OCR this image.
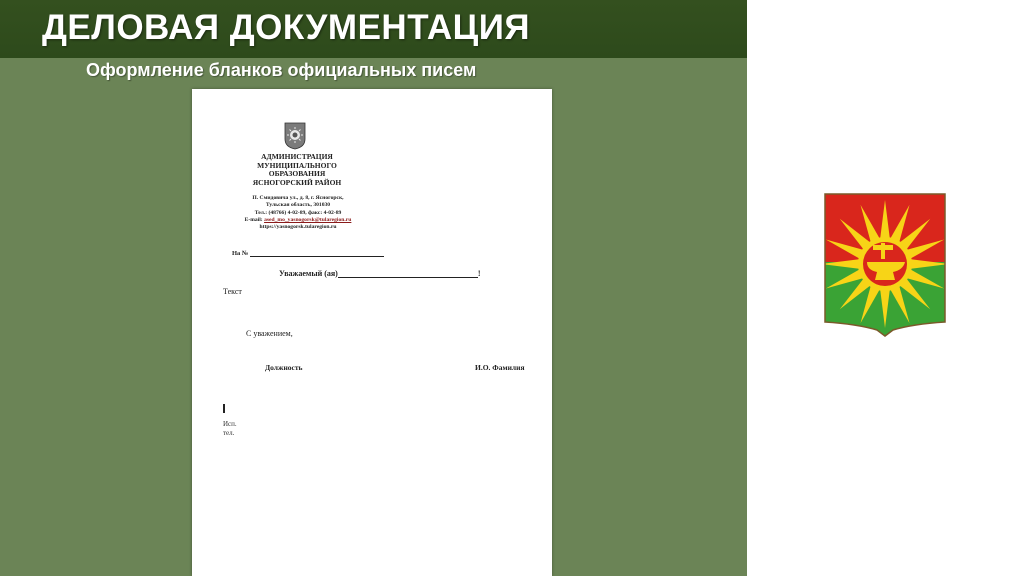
ДЕЛОВАЯ ДОКУМЕНТАЦИЯ
Оформление бланков официальных писем
АДМИНИСТРАЦИЯ
МУНИЦИПАЛЬНОГО
ОБРАЗОВАНИЯ
ЯСНОГОРСКИЙ РАЙОН
П. Смидовича ул., д. 8, г. Ясногорск,
Тульская область, 301030
Тел.: (48766) 4-02-89, факс: 4-02-89
E-mail: ased_mo_yasnogorsk@tularegion.ru
https://yasnogorsk.tularegion.ru
На №
Уважаемый (ая)	!
Текст
С уважением,
Должность	И.О. Фамилия
Исп.
тел.
